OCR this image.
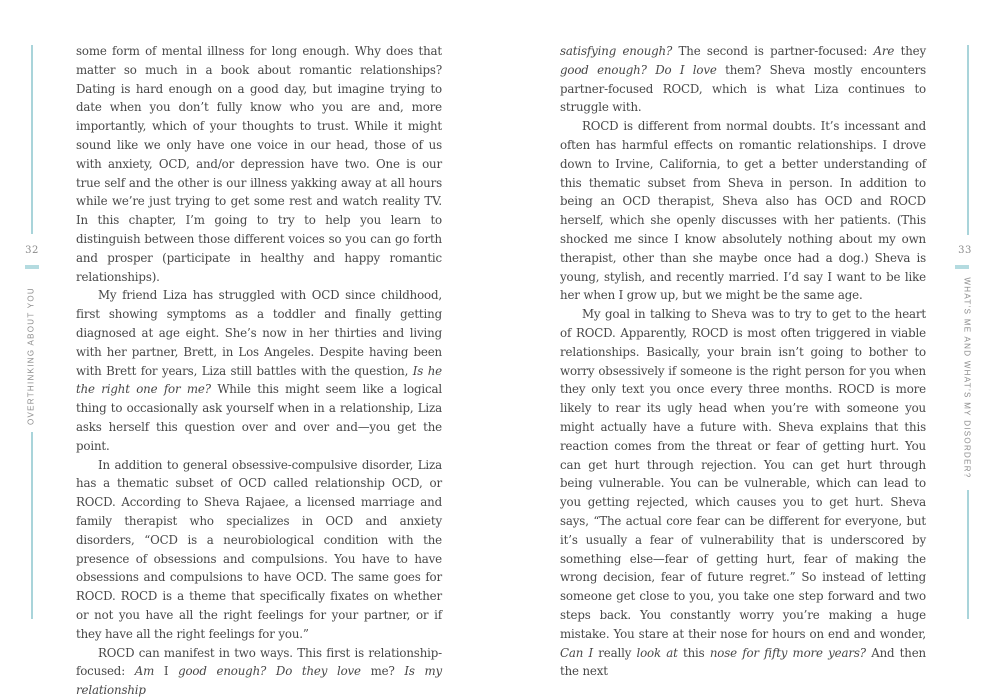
32
OVERTHINKING ABOUT YOU

some form of mental illness for long enough. Why does that matter so much in a book about romantic relationships? Dating is hard enough on a good day, but imagine trying to date when you don’t fully know who you are and, more importantly, which of your thoughts to trust. While it might sound like we only have one voice in our head, those of us with anxiety, OCD, and/or depression have two. One is our true self and the other is our illness yakking away at all hours while we’re just trying to get some rest and watch reality TV. In this chapter, I’m going to try to help you learn to distinguish between those different voices so you can go forth and prosper (participate in healthy and happy romantic relationships).

My friend Liza has struggled with OCD since childhood, first showing symptoms as a toddler and finally getting diagnosed at age eight. She’s now in her thirties and living with her partner, Brett, in Los Angeles. Despite having been with Brett for years, Liza still battles with the question, Is he the right one for me? While this might seem like a logical thing to occasionally ask yourself when in a relationship, Liza asks herself this question over and over and—you get the point.

In addition to general obsessive-compulsive disorder, Liza has a thematic subset of OCD called relationship OCD, or ROCD. According to Sheva Rajaee, a licensed marriage and family therapist who specializes in OCD and anxiety disorders, “OCD is a neurobiological condition with the presence of obsessions and compulsions. You have to have obsessions and compulsions to have OCD. The same goes for ROCD. ROCD is a theme that specifically fixates on whether or not you have all the right feelings for your partner, or if they have all the right feelings for you.”

ROCD can manifest in two ways. This first is relationship-focused: Am I good enough? Do they love me? Is my relationship

satisfying enough? The second is partner-focused: Are they good enough? Do I love them? Sheva mostly encounters partner-focused ROCD, which is what Liza continues to struggle with.

ROCD is different from normal doubts. It’s incessant and often has harmful effects on romantic relationships. I drove down to Irvine, California, to get a better understanding of this thematic subset from Sheva in person. In addition to being an OCD therapist, Sheva also has OCD and ROCD herself, which she openly discusses with her patients. (This shocked me since I know absolutely nothing about my own therapist, other than she maybe once had a dog.) Sheva is young, stylish, and recently married. I’d say I want to be like her when I grow up, but we might be the same age.

My goal in talking to Sheva was to try to get to the heart of ROCD. Apparently, ROCD is most often triggered in viable relationships. Basically, your brain isn’t going to bother to worry obsessively if someone is the right person for you when they only text you once every three months. ROCD is more likely to rear its ugly head when you’re with someone you might actually have a future with. Sheva explains that this reaction comes from the threat or fear of getting hurt. You can get hurt through rejection. You can get hurt through being vulnerable. You can be vulnerable, which can lead to you getting rejected, which causes you to get hurt. Sheva says, “The actual core fear can be different for everyone, but it’s usually a fear of vulnerability that is underscored by something else—fear of getting hurt, fear of making the wrong decision, fear of future regret.” So instead of letting someone get close to you, you take one step forward and two steps back. You constantly worry you’re making a huge mistake. You stare at their nose for hours on end and wonder, Can I really look at this nose for fifty more years? And then the next

33
WHAT’S ME AND WHAT’S MY DISORDER?
